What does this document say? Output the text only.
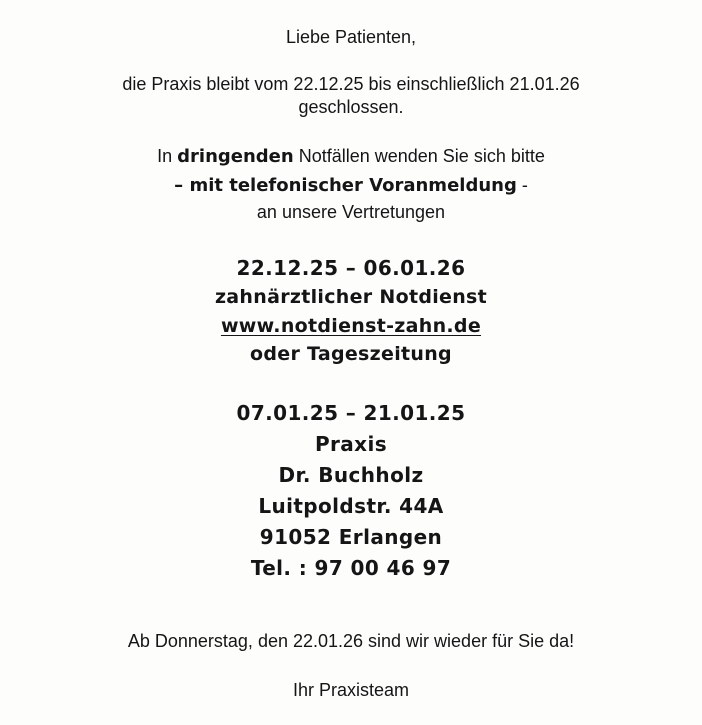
Liebe Patienten,
die Praxis bleibt vom 22.12.25 bis einschließlich 21.01.26
geschlossen.
In dringenden Notfällen wenden Sie sich bitte
– mit telefonischer Voranmeldung -
an unsere Vertretungen
22.12.25 – 06.01.26
zahnärztlicher Notdienst
www.notdienst-zahn.de
oder Tageszeitung
07.01.25 – 21.01.25
Praxis
Dr. Buchholz
Luitpoldstr. 44A
91052 Erlangen
Tel. : 97 00 46 97
Ab Donnerstag, den 22.01.26 sind wir wieder für Sie da!
Ihr Praxisteam
